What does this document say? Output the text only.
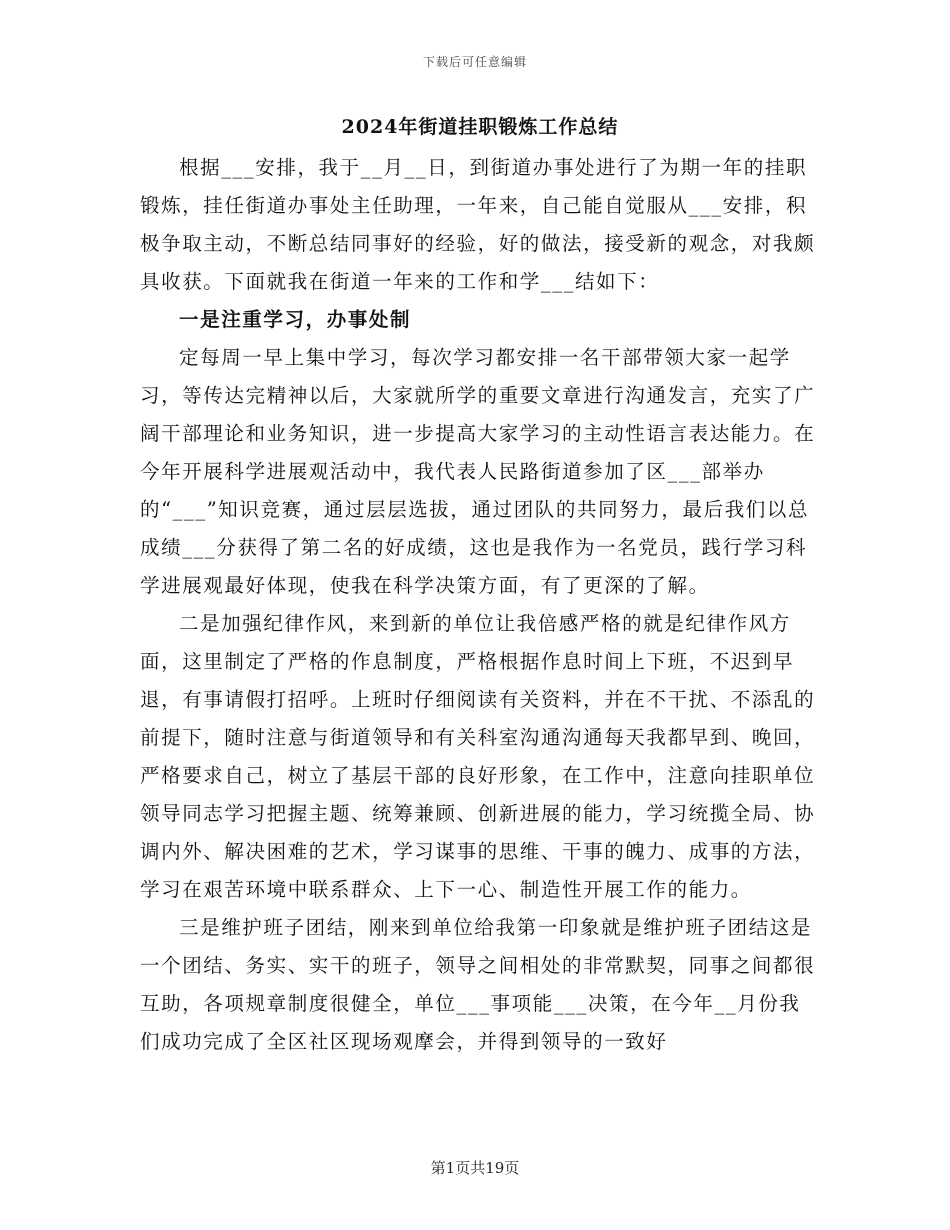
下载后可任意编辑
2024年街道挂职锻炼工作总结

根据___安排，我于__月__日，到街道办事处进行了为期一年的挂职锻炼，挂任街道办事处主任助理，一年来，自己能自觉服从___安排，积极争取主动，不断总结同事好的经验，好的做法，接受新的观念，对我颇具收获。下面就我在街道一年来的工作和学___结如下：

一是注重学习，办事处制

定每周一早上集中学习，每次学习都安排一名干部带领大家一起学习，等传达完精神以后，大家就所学的重要文章进行沟通发言，充实了广阔干部理论和业务知识，进一步提高大家学习的主动性语言表达能力。在今年开展科学进展观活动中，我代表人民路街道参加了区___部举办的“___”知识竞赛，通过层层选拔，通过团队的共同努力，最后我们以总成绩___分获得了第二名的好成绩，这也是我作为一名党员，践行学习科学进展观最好体现，使我在科学决策方面，有了更深的了解。

二是加强纪律作风，来到新的单位让我倍感严格的就是纪律作风方面，这里制定了严格的作息制度，严格根据作息时间上下班，不迟到早退，有事请假打招呼。上班时仔细阅读有关资料，并在不干扰、不添乱的前提下，随时注意与街道领导和有关科室沟通沟通每天我都早到、晚回，严格要求自己，树立了基层干部的良好形象，在工作中，注意向挂职单位领导同志学习把握主题、统筹兼顾、创新进展的能力，学习统揽全局、协调内外、解决困难的艺术，学习谋事的思维、干事的魄力、成事的方法，学习在艰苦环境中联系群众、上下一心、制造性开展工作的能力。

三是维护班子团结，刚来到单位给我第一印象就是维护班子团结这是一个团结、务实、实干的班子，领导之间相处的非常默契，同事之间都很互助，各项规章制度很健全，单位___事项能___决策，在今年__月份我们成功完成了全区社区现场观摩会，并得到领导的一致好

第1页共19页
